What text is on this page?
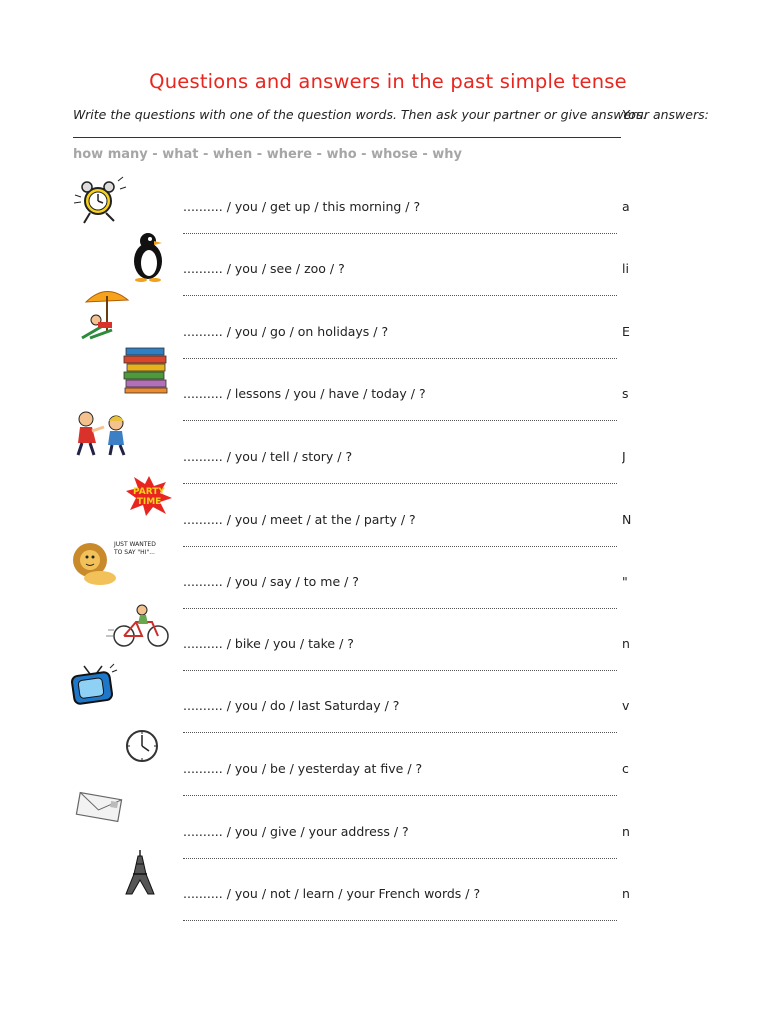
Questions and answers in the past simple tense
Write the questions with one of the question words. Then ask your partner or give answers.
Your answers:
how many - what - when - where - who - whose - why
.......... / you / get up / this morning / ?	a
.......... / you / see / zoo / ?	li
.......... / you / go / on holidays / ?	E
.......... / lessons / you / have / today / ?	s
.......... / you / tell / story / ?	J
PARTY
TIME
.......... / you / meet / at the / party / ?	N
JUST WANTED
TO SAY "HI"...
.......... / you / say / to me / ?	"
.......... / bike / you / take / ?	n
.......... / you / do / last Saturday / ?	v
.......... / you / be / yesterday at five / ?	c
.......... / you / give / your address / ?	n
.......... / you / not / learn / your French words / ?	n
